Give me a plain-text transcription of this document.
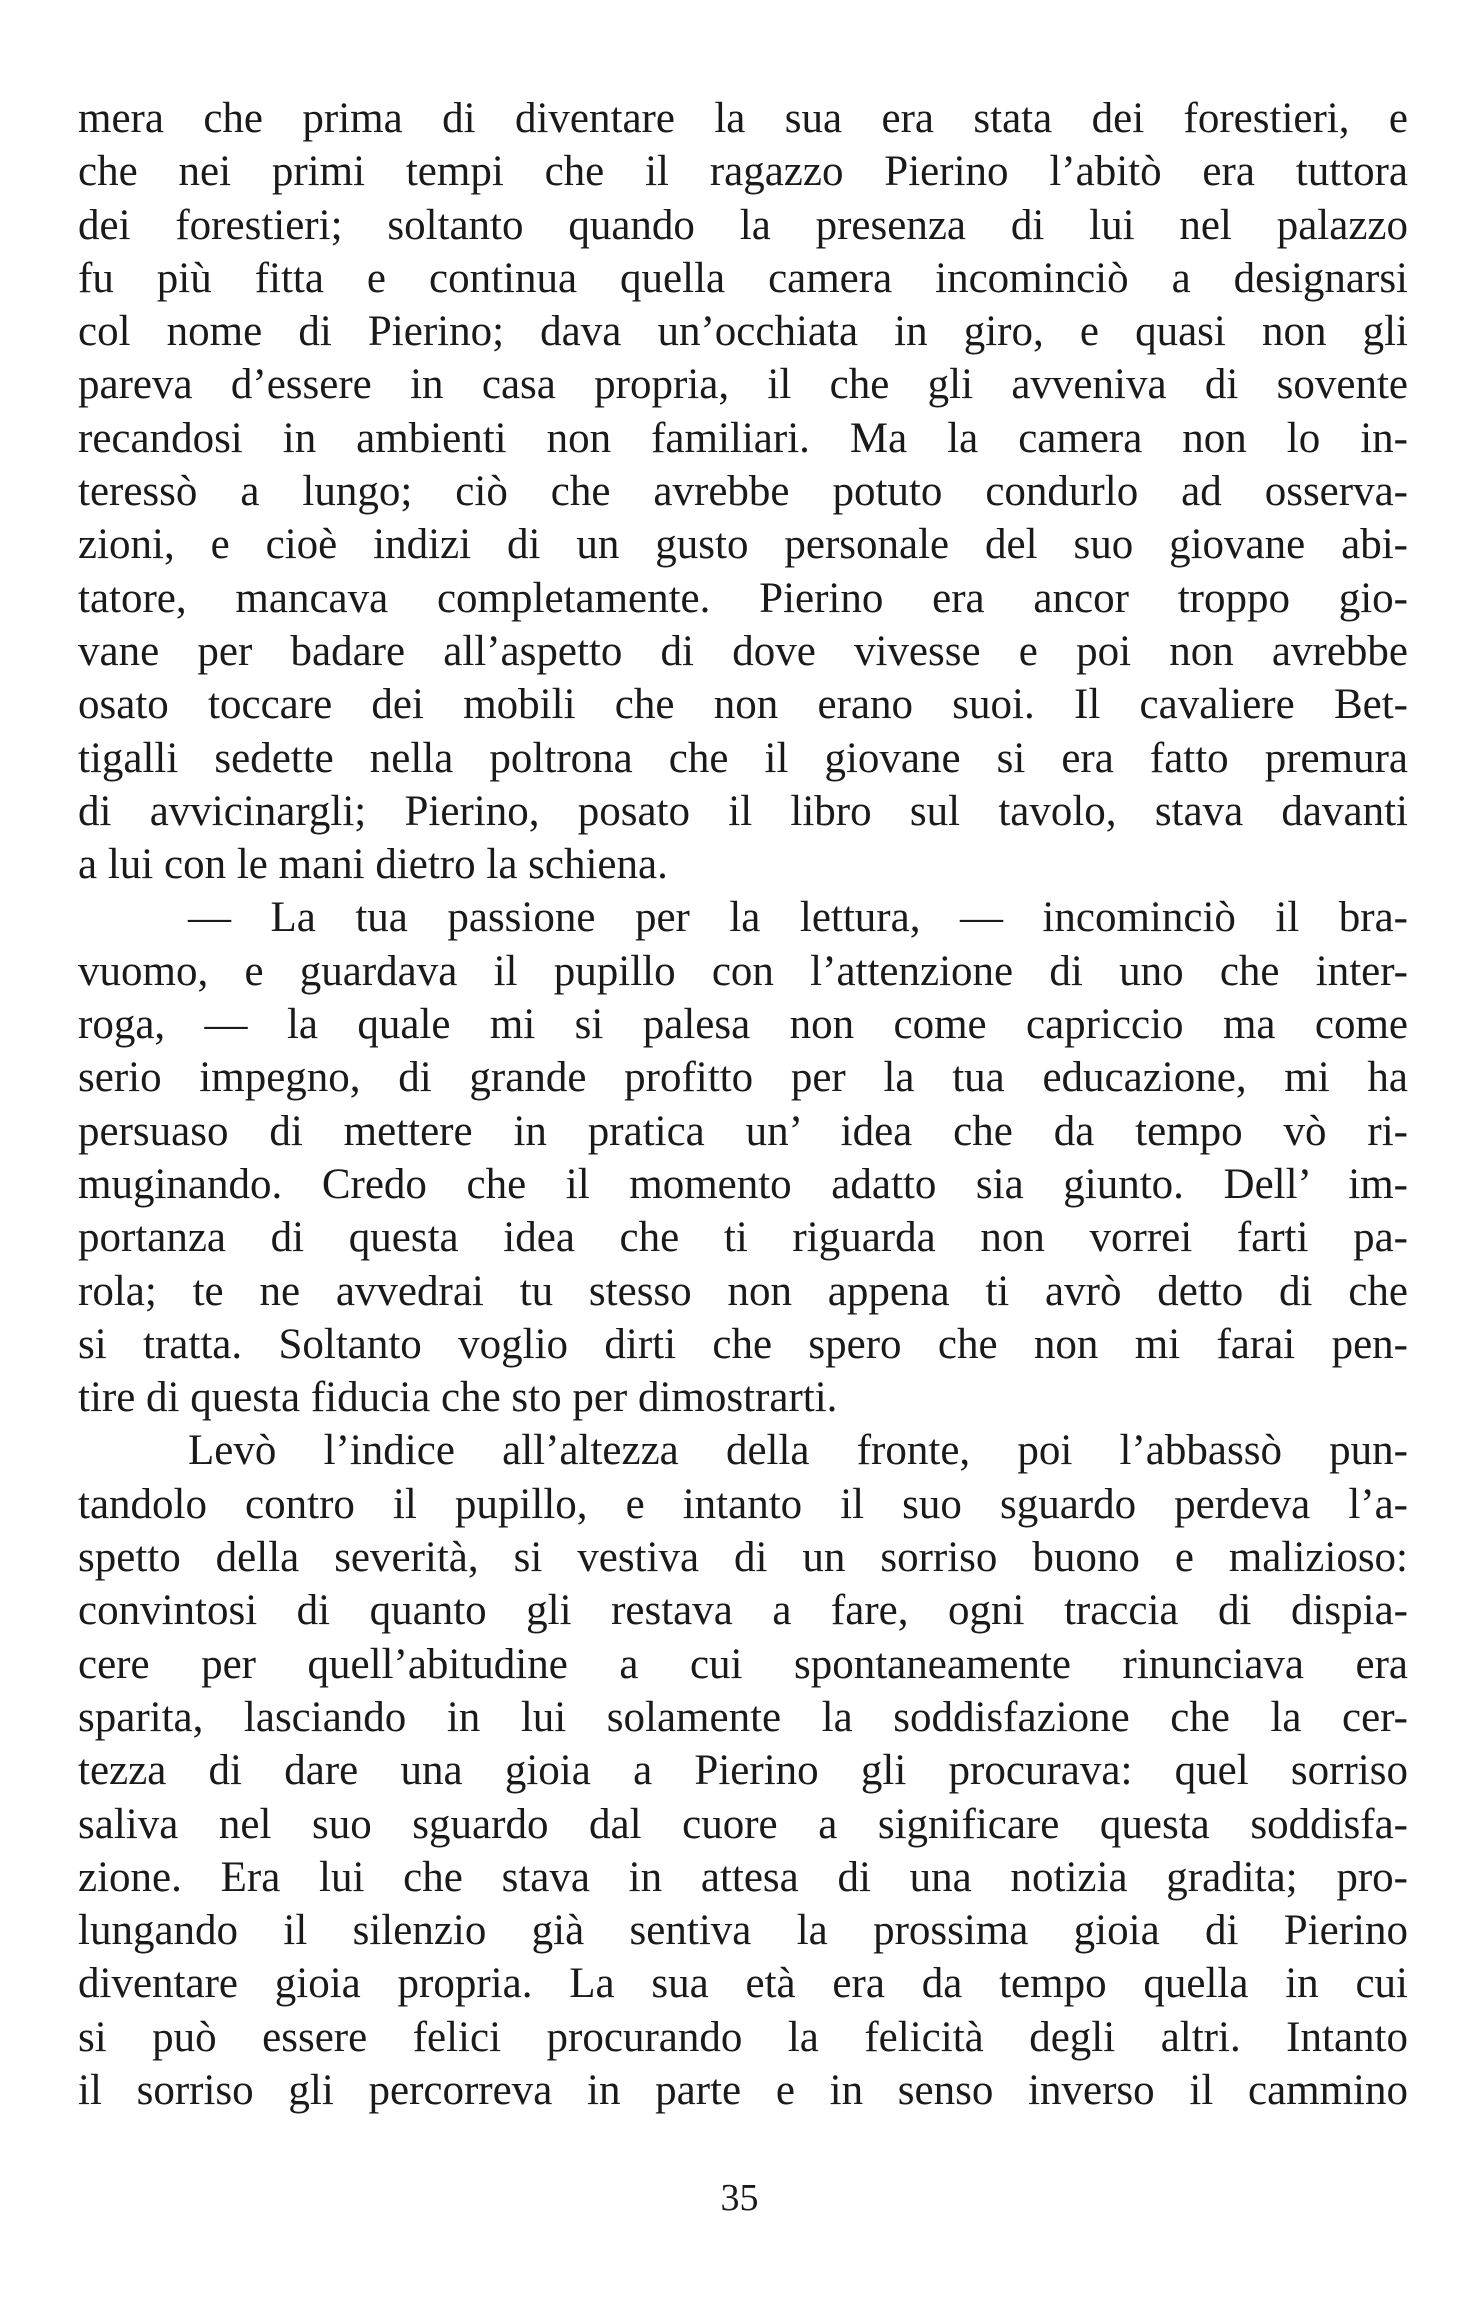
mera che prima di diventare la sua era stata dei forestieri, e
che nei primi tempi che il ragazzo Pierino l’abitò era tuttora
dei forestieri; soltanto quando la presenza di lui nel palazzo
fu più fitta e continua quella camera incominciò a designarsi
col nome di Pierino; dava un’occhiata in giro, e quasi non gli
pareva d’essere in casa propria, il che gli avveniva di sovente
recandosi in ambienti non familiari. Ma la camera non lo in-
teressò a lungo; ciò che avrebbe potuto condurlo ad osserva-
zioni, e cioè indizi di un gusto personale del suo giovane abi-
tatore, mancava completamente. Pierino era ancor troppo gio-
vane per badare all’aspetto di dove vivesse e poi non avrebbe
osato toccare dei mobili che non erano suoi. Il cavaliere Bet-
tigalli sedette nella poltrona che il giovane si era fatto premura
di avvicinargli; Pierino, posato il libro sul tavolo, stava davanti
a lui con le mani dietro la schiena.
— La tua passione per la lettura, — incominciò il bra-
vuomo, e guardava il pupillo con l’attenzione di uno che inter-
roga, — la quale mi si palesa non come capriccio ma come
serio impegno, di grande profitto per la tua educazione, mi ha
persuaso di mettere in pratica un’ idea che da tempo vò ri-
muginando. Credo che il momento adatto sia giunto. Dell’ im-
portanza di questa idea che ti riguarda non vorrei farti pa-
rola; te ne avvedrai tu stesso non appena ti avrò detto di che
si tratta. Soltanto voglio dirti che spero che non mi farai pen-
tire di questa fiducia che sto per dimostrarti.
Levò l’indice all’altezza della fronte, poi l’abbassò pun-
tandolo contro il pupillo, e intanto il suo sguardo perdeva l’a-
spetto della severità, si vestiva di un sorriso buono e malizioso:
convintosi di quanto gli restava a fare, ogni traccia di dispia-
cere per quell’abitudine a cui spontaneamente rinunciava era
sparita, lasciando in lui solamente la soddisfazione che la cer-
tezza di dare una gioia a Pierino gli procurava: quel sorriso
saliva nel suo sguardo dal cuore a significare questa soddisfa-
zione. Era lui che stava in attesa di una notizia gradita; pro-
lungando il silenzio già sentiva la prossima gioia di Pierino
diventare gioia propria. La sua età era da tempo quella in cui
si può essere felici procurando la felicità degli altri. Intanto
il sorriso gli percorreva in parte e in senso inverso il cammino
35
